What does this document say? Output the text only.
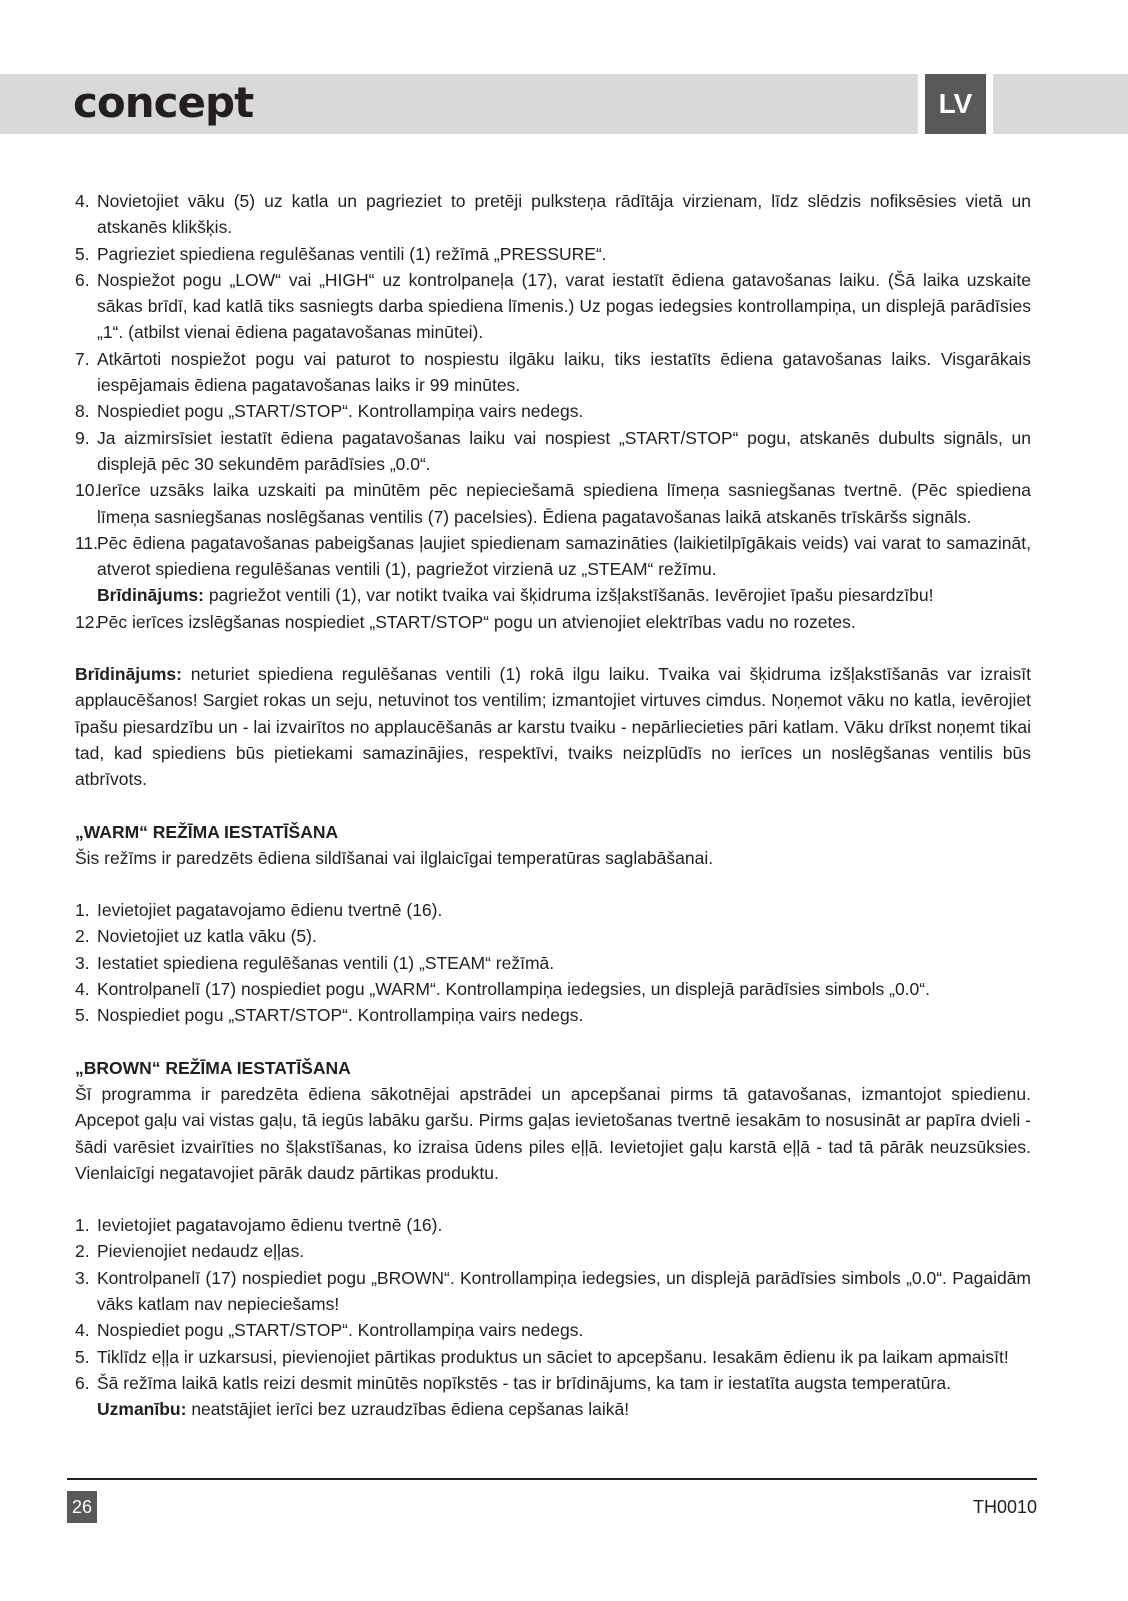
concept	LV
4. Novietojiet vāku (5) uz katla un pagrieziet to pretēji pulksteņa rādītāja virzienam, līdz slēdzis nofiksēsies vietā un atskanēs klikšķis.
5. Pagrieziet spiediena regulēšanas ventili (1) režīmā „PRESSURE“.
6. Nospiežot pogu „LOW“ vai „HIGH“ uz kontrolpaneļa (17), varat iestatīt ēdiena gatavošanas laiku. (Šā laika uzskaite sākas brīdī, kad katlā tiks sasniegts darba spiediena līmenis.) Uz pogas iedegsies kontrollampiņa, un displejā parādīsies „1“. (atbilst vienai ēdiena pagatavošanas minūtei).
7. Atkārtoti nospiežot pogu vai paturot to nospiestu ilgāku laiku, tiks iestatīts ēdiena gatavošanas laiks. Visgarākais iespējamais ēdiena pagatavošanas laiks ir 99 minūtes.
8. Nospiediet pogu „START/STOP“. Kontrollampiņa vairs nedegs.
9. Ja aizmirsīsiet iestatīt ēdiena pagatavošanas laiku vai nospiest „START/STOP“ pogu, atskanēs dubults signāls, un displejā pēc 30 sekundēm parādīsies „0.0“.
10.
Ierīce uzsāks laika uzskaiti pa minūtēm pēc nepieciešamā spiediena līmeņa sasniegšanas tvertnē. (Pēc spiediena līmeņa sasniegšanas noslēgšanas ventilis (7) pacelsies). Ēdiena pagatavošanas laikā atskanēs trīskāršs signāls.
11.
Pēc ēdiena pagatavošanas pabeigšanas ļaujiet spiedienam samazināties (laikietilpīgākais veids) vai varat to samazināt, atverot spiediena regulēšanas ventili (1), pagriežot virzienā uz „STEAM“ režīmu.
Brīdinājums: pagriežot ventili (1), var notikt tvaika vai šķidruma izšļakstīšanās. Ievērojiet īpašu piesardzību!
12.
Pēc ierīces izslēgšanas nospiediet „START/STOP“ pogu un atvienojiet elektrības vadu no rozetes.

Brīdinājums: neturiet spiediena regulēšanas ventili (1) rokā ilgu laiku. Tvaika vai šķidruma izšļakstīšanās var izraisīt applaucēšanos! Sargiet rokas un seju, netuvinot tos ventilim; izmantojiet virtuves cimdus. Noņemot vāku no katla, ievērojiet īpašu piesardzību un - lai izvairītos no applaucēšanās ar karstu tvaiku - nepārliecieties pāri katlam. Vāku drīkst noņemt tikai tad, kad spiediens būs pietiekami samazinājies, respektīvi, tvaiks neizplūdīs no ierīces un noslēgšanas ventilis būs atbrīvots.

„WARM“ REŽĪMA IESTATĪŠANA

Šis režīms ir paredzēts ēdiena sildīšanai vai ilglaicīgai temperatūras saglabāšanai.

1. Ievietojiet pagatavojamo ēdienu tvertnē (16).
2. Novietojiet uz katla vāku (5).
3. Iestatiet spiediena regulēšanas ventili (1) „STEAM“ režīmā.
4. Kontrolpanelī (17) nospiediet pogu „WARM“. Kontrollampiņa iedegsies, un displejā parādīsies simbols „0.0“.
5. Nospiediet pogu „START/STOP“. Kontrollampiņa vairs nedegs.

„BROWN“ REŽĪMA IESTATĪŠANA

Šī programma ir paredzēta ēdiena sākotnējai apstrādei un apcepšanai pirms tā gatavošanas, izmantojot spiedienu. Apcepot gaļu vai vistas gaļu, tā iegūs labāku garšu. Pirms gaļas ievietošanas tvertnē iesakām to nosusināt ar papīra dvieli - šādi varēsiet izvairīties no šļakstīšanas, ko izraisa ūdens piles eļļā. Ievietojiet gaļu karstā eļļā - tad tā pārāk neuzsūksies. Vienlaicīgi negatavojiet pārāk daudz pārtikas produktu.

1. Ievietojiet pagatavojamo ēdienu tvertnē (16).
2. Pievienojiet nedaudz eļļas.
3. Kontrolpanelī (17) nospiediet pogu „BROWN“. Kontrollampiņa iedegsies, un displejā parādīsies simbols „0.0“. Pagaidām vāks katlam nav nepieciešams!
4. Nospiediet pogu „START/STOP“. Kontrollampiņa vairs nedegs.
5. Tiklīdz eļļa ir uzkarsusi, pievienojiet pārtikas produktus un sāciet to apcepšanu. Iesakām ēdienu ik pa laikam apmaisīt!
6. Šā režīma laikā katls reizi desmit minūtēs nopīkstēs - tas ir brīdinājums, ka tam ir iestatīta augsta temperatūra.
Uzmanību: neatstājiet ierīci bez uzraudzības ēdiena cepšanas laikā!
26	TH0010
